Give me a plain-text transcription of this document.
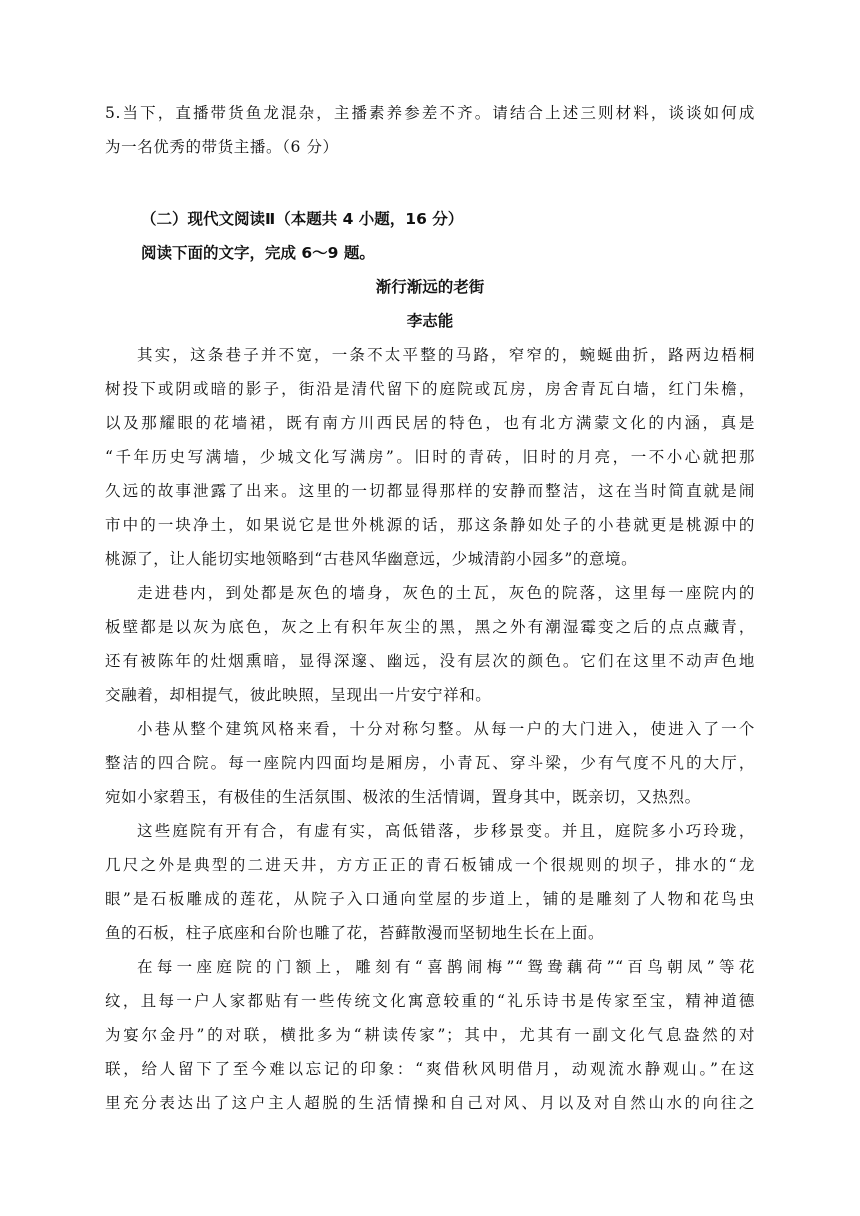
5.当下，直播带货鱼龙混杂，主播素养参差不齐。请结合上述三则材料，谈谈如何成
为一名优秀的带货主播。（6 分）
（二）现代文阅读Ⅱ（本题共 4 小题，16 分）
阅读下面的文字，完成 6～9 题。
渐行渐远的老街
李志能
其实，这条巷子并不宽，一条不太平整的马路，窄窄的，蜿蜒曲折，路两边梧桐
树投下或阴或暗的影子，街沿是清代留下的庭院或瓦房，房舍青瓦白墙，红门朱檐，
以及那耀眼的花墙裙，既有南方川西民居的特色，也有北方满蒙文化的内涵，真是
“千年历史写满墙，少城文化写满房”。旧时的青砖，旧时的月亮，一不小心就把那
久远的故事泄露了出来。这里的一切都显得那样的安静而整洁，这在当时简直就是闹
市中的一块净土，如果说它是世外桃源的话，那这条静如处子的小巷就更是桃源中的
桃源了，让人能切实地领略到“古巷风华幽意远，少城清韵小园多”的意境。
走进巷内，到处都是灰色的墙身，灰色的土瓦，灰色的院落，这里每一座院内的
板壁都是以灰为底色，灰之上有积年灰尘的黑，黑之外有潮湿霉变之后的点点藏青，
还有被陈年的灶烟熏暗，显得深邃、幽远，没有层次的颜色。它们在这里不动声色地
交融着，却相提气，彼此映照，呈现出一片安宁祥和。
小巷从整个建筑风格来看，十分对称匀整。从每一户的大门进入，使进入了一个
整洁的四合院。每一座院内四面均是厢房，小青瓦、穿斗梁，少有气度不凡的大厅，
宛如小家碧玉，有极佳的生活氛围、极浓的生活情调，置身其中，既亲切，又热烈。
这些庭院有开有合，有虚有实，高低错落，步移景变。并且，庭院多小巧玲珑，
几尺之外是典型的二进天井，方方正正的青石板铺成一个很规则的坝子，排水的“龙
眼”是石板雕成的莲花，从院子入口通向堂屋的步道上，铺的是雕刻了人物和花鸟虫
鱼的石板，柱子底座和台阶也雕了花，苔藓散漫而坚韧地生长在上面。
在每一座庭院的门额上，雕刻有“喜鹊闹梅”“鸳鸯藕荷”“百鸟朝凤”等花
纹，且每一户人家都贴有一些传统文化寓意较重的“礼乐诗书是传家至宝，精神道德
为宴尔金丹”的对联，横批多为“耕读传家”；其中，尤其有一副文化气息盎然的对
联，给人留下了至今难以忘记的印象：“爽借秋风明借月，动观流水静观山。”在这
里充分表达出了这户主人超脱的生活情操和自己对风、月以及对自然山水的向往之
